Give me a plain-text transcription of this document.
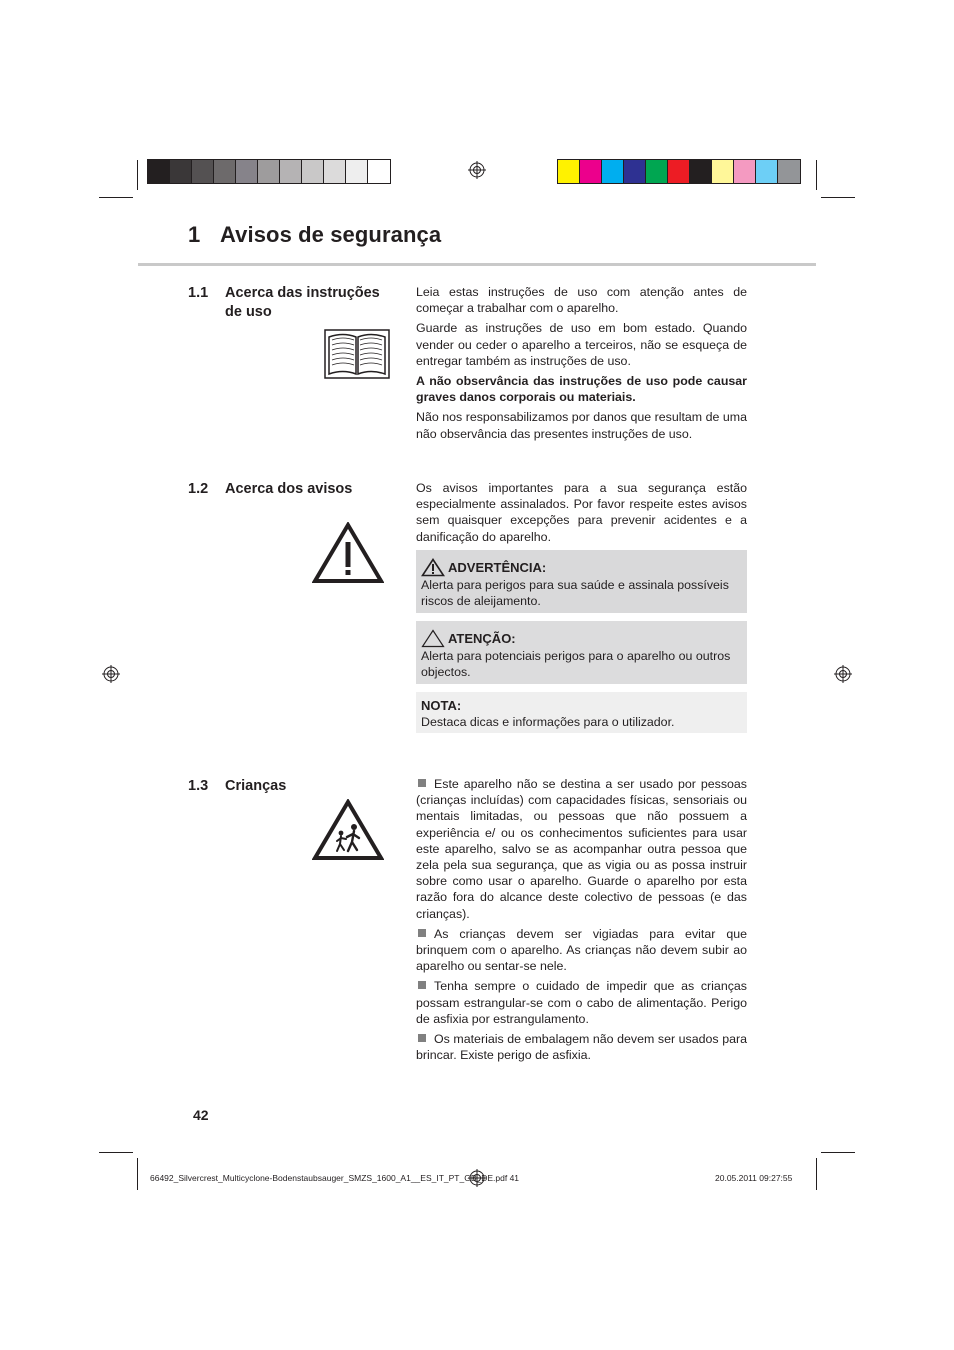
1 Avisos de segurança
1.1 Acerca das instruções de uso

Leia estas instruções de uso com atenção antes de começar a trabalhar com o aparelho.

Guarde as instruções de uso em bom estado. Quando vender ou ceder o aparelho a terceiros, não se esqueça de entregar também as instruções de uso.

A não observância das instruções de uso pode causar graves danos corporais ou materiais.

Não nos responsabilizamos por danos que resultam de uma não observância das presentes instruções de uso.

1.2 Acerca dos avisos	Os avisos importantes para a sua segurança estão especialmente assinalados. Por favor respeite estes avisos sem quaisquer excepções para prevenir acidentes e a danificação do aparelho.

ADVERTÊNCIA:
Alerta para perigos para sua saúde e assinala possíveis riscos de aleijamento.
ATENÇÃO:
Alerta para potenciais perigos para o aparelho ou outros objectos.
NOTA:
Destaca dicas e informações para o utilizador.
1.3 Crianças	Este aparelho não se destina a ser usado por pessoas (crianças incluídas) com capacidades físicas, sensoriais ou mentais limitadas, ou pessoas que não possuem a experiência e/ ou os conhecimentos suficientes para usar este aparelho, salvo se as acompanhar outra pessoa que zela pela sua segurança, que as vigia ou as possa instruir sobre como usar o aparelho. Guarde o aparelho por esta razão fora do alcance deste colectivo de pessoas (e das crianças).

As crianças devem ser vigiadas para evitar que brinquem com o aparelho. As crianças não devem subir ao aparelho ou sentar-se nele.

Tenha sempre o cuidado de impedir que as crianças possam estrangular-se com o cabo de alimentação. Perigo de asfixia por estrangulamento.

Os materiais de embalagem não devem ser usados para brincar. Existe perigo de asfixia.

42
66492_Silvercrest_Multicyclone-Bodenstaubsauger_SMZS_1600_A1__ES_IT_PT_GB_DE.pdf 41	20.05.2011 09:27:55
